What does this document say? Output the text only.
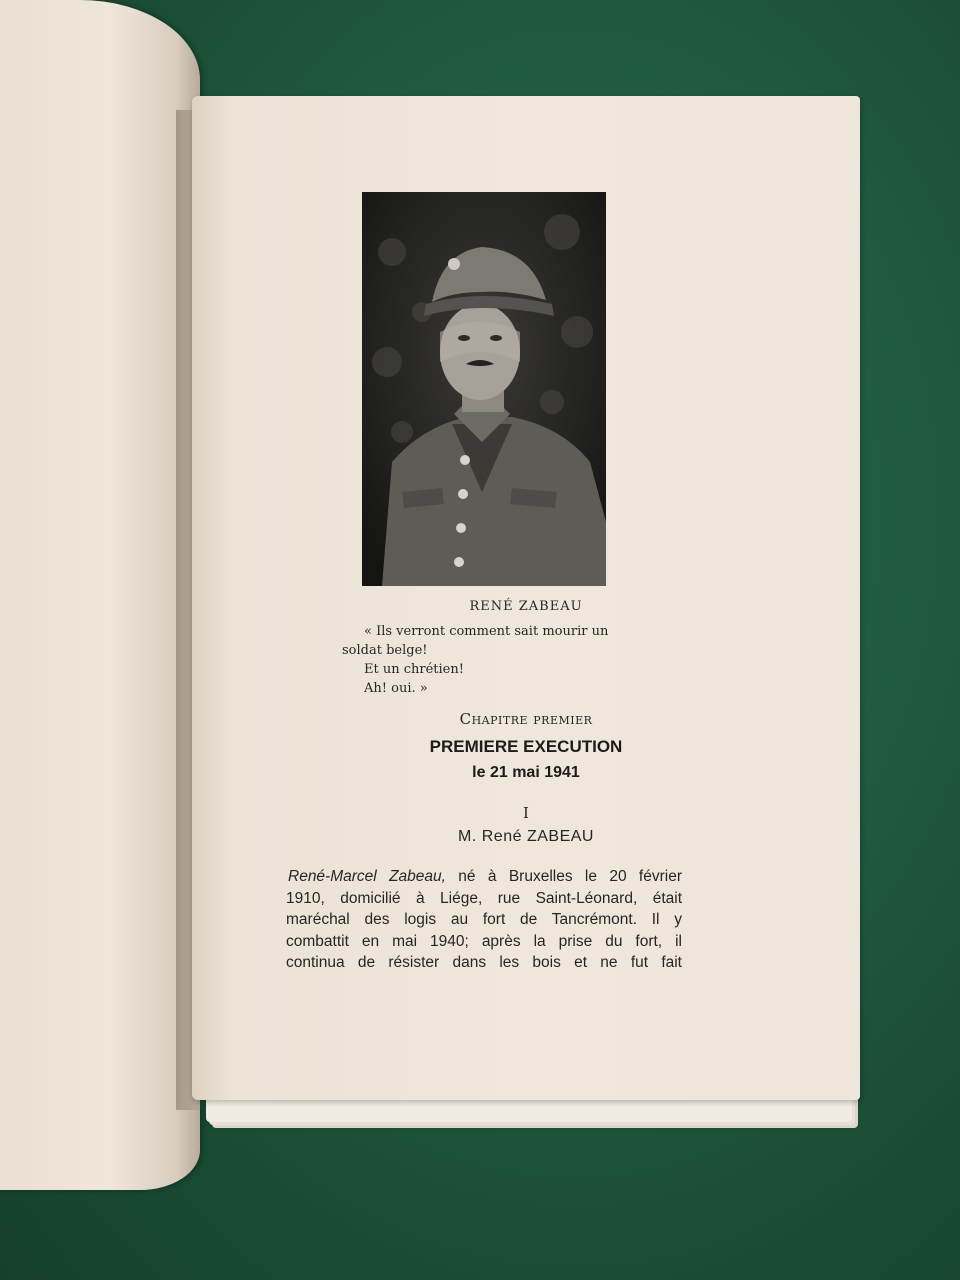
RENÉ ZABEAU
« Ils verront comment sait mourir un
soldat belge!
Et un chrétien!
Ah! oui. »
Chapitre premier
PREMIERE EXECUTION
le 21 mai 1941
I
M. René ZABEAU
René-Marcel Zabeau, né à Bruxelles le 20 février
1910, domicilié à Liége, rue Saint-Léonard, était
maréchal des logis au fort de Tancrémont. Il y
combattit en mai 1940; après la prise du fort, il
continua de résister dans les bois et ne fut fait
